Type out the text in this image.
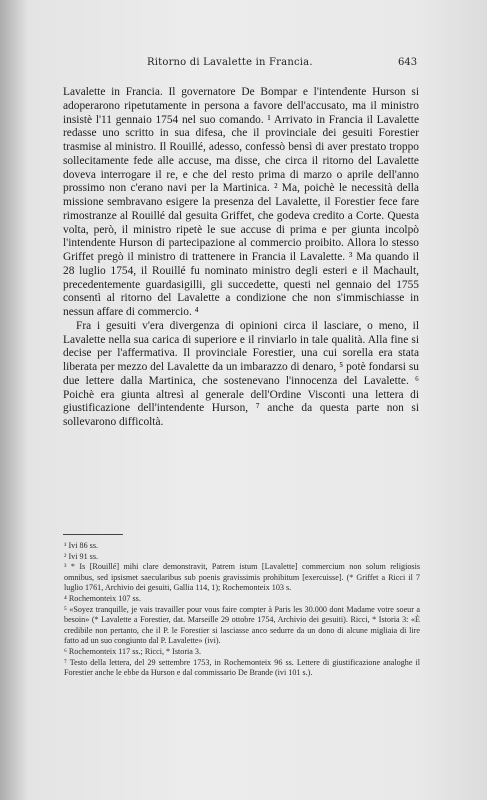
Ritorno di Lavalette in Francia.	643

Lavalette in Francia. Il governatore De Bompar e l'intendente Hurson si adoperarono ripetutamente in persona a favore dell'accusato, ma il ministro insistè l'11 gennaio 1754 nel suo comando. ¹ Arrivato in Francia il Lavalette redasse uno scritto in sua difesa, che il provinciale dei gesuiti Forestier trasmise al ministro. Il Rouillé, adesso, confessò bensì di aver prestato troppo sollecitamente fede alle accuse, ma disse, che circa il ritorno del Lavalette doveva interrogare il re, e che del resto prima di marzo o aprile dell'anno prossimo non c'erano navi per la Martinica. ² Ma, poichè le necessità della missione sembravano esigere la presenza del Lavalette, il Forestier fece fare rimostranze al Rouillé dal gesuita Griffet, che godeva credito a Corte. Questa volta, però, il ministro ripetè le sue accuse di prima e per giunta incolpò l'intendente Hurson di partecipazione al commercio proibito. Allora lo stesso Griffet pregò il ministro di trattenere in Francia il Lavalette. ³ Ma quando il 28 luglio 1754, il Rouillé fu nominato ministro degli esteri e il Machault, precedentemente guardasigilli, gli succedette, questi nel gennaio del 1755 consentì al ritorno del Lavalette a condizione che non s'immischiasse in nessun affare di commercio. ⁴

Fra i gesuiti v'era divergenza di opinioni circa il lasciare, o meno, il Lavalette nella sua carica di superiore e il rinviarlo in tale qualità. Alla fine si decise per l'affermativa. Il provinciale Forestier, una cui sorella era stata liberata per mezzo del Lavalette da un imbarazzo di denaro, ⁵ potè fondarsi su due lettere dalla Martinica, che sostenevano l'innocenza del Lavalette. ⁶ Poichè era giunta altresì al generale dell'Ordine Visconti una lettera di giustificazione dell'intendente Hurson, ⁷ anche da questa parte non si sollevarono difficoltà.

¹ Ivi 86 ss.

² Ivi 91 ss.

³ * Is [Rouillé] mihi clare demonstravit, Patrem istum [Lavalette] commercium non solum religiosis omnibus, sed ipsismet saecularibus sub poenis gravissimis prohibitum [exercuisse]. (* Griffet a Ricci il 7 luglio 1761, Archivio dei gesuiti, Gallia 114, 1); Rochemonteix 103 s.

⁴ Rochemonteix 107 ss.

⁵ «Soyez tranquille, je vais travailler pour vous faire compter à Paris les 30.000 dont Madame votre soeur a besoin» (* Lavalette a Forestier, dat. Marseille 29 ottobre 1754, Archivio dei gesuiti). Ricci, * Istoria 3: «È credibile non pertanto, che il P. le Forestier si lasciasse anco sedurre da un dono di alcune migliaia di lire fatto ad un suo congiunto dal P. Lavalette» (ivi).

⁶ Rochemonteix 117 ss.; Ricci, * Istoria 3.

⁷ Testo della lettera, del 29 settembre 1753, in Rochemonteix 96 ss. Lettere di giustificazione analoghe il Forestier anche le ebbe da Hurson e dal commissario De Brande (ivi 101 s.).
